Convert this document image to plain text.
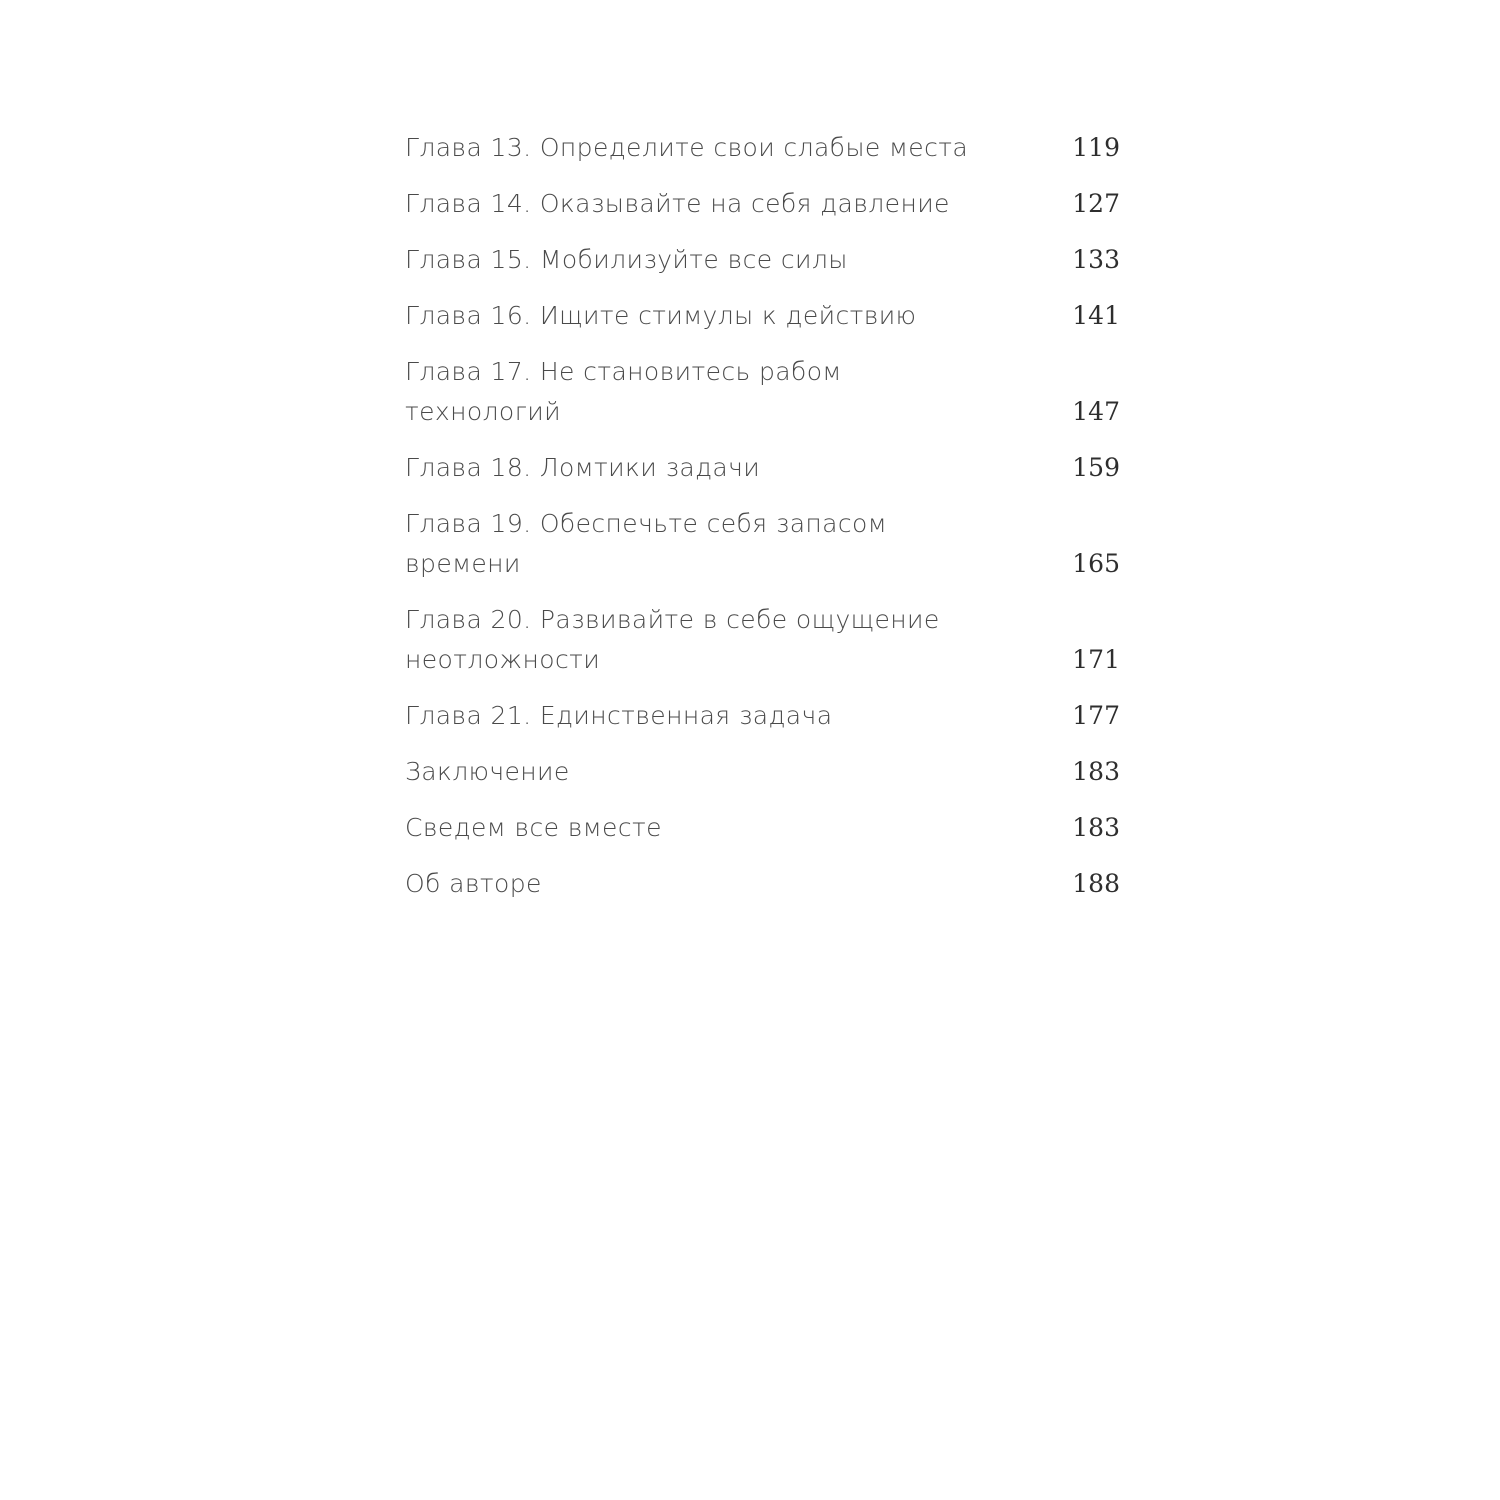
Глава 13. Определите свои слабые места	119
Глава 14. Оказывайте на себя давление	127
Глава 15. Мобилизуйте все силы	133
Глава 16. Ищите стимулы к действию	141
Глава 17. Не становитесь рабом технологий	147
Глава 18. Ломтики задачи	159
Глава 19. Обеспечьте себя запасом времени	165
Глава 20. Развивайте в себе ощущение неотложности	171
Глава 21. Единственная задача	177
Заключение	183
Сведем все вместе	183
Об авторе	188
